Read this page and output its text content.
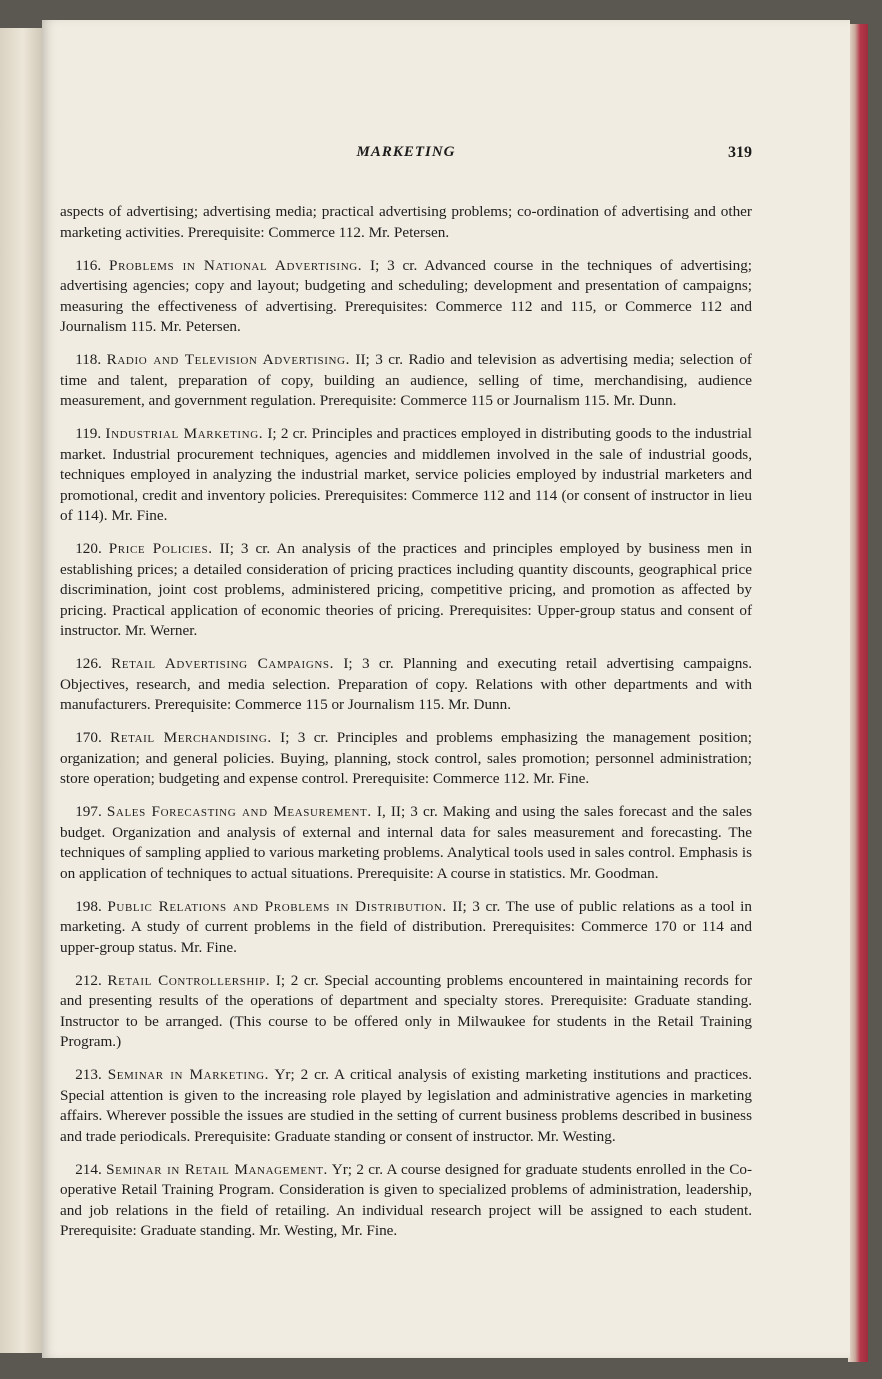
MARKETING	319

aspects of advertising; advertising media; practical advertising problems; co-ordination of advertising and other marketing activities. Prerequisite: Commerce 112. Mr. Petersen.

 116. Problems in National Advertising. I; 3 cr. Advanced course in the techniques of advertising; advertising agencies; copy and layout; budgeting and scheduling; development and presentation of campaigns; measuring the effectiveness of advertising. Prerequisites: Commerce 112 and 115, or Commerce 112 and Journalism 115. Mr. Petersen.

 118. Radio and Television Advertising. II; 3 cr. Radio and television as advertising media; selection of time and talent, preparation of copy, building an audience, selling of time, merchandising, audience measurement, and government regulation. Prerequisite: Commerce 115 or Journalism 115. Mr. Dunn.

 119. Industrial Marketing. I; 2 cr. Principles and practices employed in distributing goods to the industrial market. Industrial procurement techniques, agencies and middlemen involved in the sale of industrial goods, techniques employed in analyzing the industrial market, service policies employed by industrial marketers and promotional, credit and inventory policies. Prerequisites: Commerce 112 and 114 (or consent of instructor in lieu of 114). Mr. Fine.

 120. Price Policies. II; 3 cr. An analysis of the practices and principles employed by business men in establishing prices; a detailed consideration of pricing practices including quantity discounts, geographical price discrimination, joint cost problems, administered pricing, competitive pricing, and promotion as affected by pricing. Practical application of economic theories of pricing. Prerequisites: Upper-group status and consent of instructor. Mr. Werner.

 126. Retail Advertising Campaigns. I; 3 cr. Planning and executing retail advertising campaigns. Objectives, research, and media selection. Preparation of copy. Relations with other departments and with manufacturers. Prerequisite: Commerce 115 or Journalism 115. Mr. Dunn.

 170. Retail Merchandising. I; 3 cr. Principles and problems emphasizing the management position; organization; and general policies. Buying, planning, stock control, sales promotion; personnel administration; store operation; budgeting and expense control. Prerequisite: Commerce 112. Mr. Fine.

 197. Sales Forecasting and Measurement. I, II; 3 cr. Making and using the sales forecast and the sales budget. Organization and analysis of external and internal data for sales measurement and forecasting. The techniques of sampling applied to various marketing problems. Analytical tools used in sales control. Emphasis is on application of techniques to actual situations. Prerequisite: A course in statistics. Mr. Goodman.

 198. Public Relations and Problems in Distribution. II; 3 cr. The use of public relations as a tool in marketing. A study of current problems in the field of distribution. Prerequisites: Commerce 170 or 114 and upper-group status. Mr. Fine.

 212. Retail Controllership. I; 2 cr. Special accounting problems encountered in maintaining records for and presenting results of the operations of department and specialty stores. Prerequisite: Graduate standing. Instructor to be arranged. (This course to be offered only in Milwaukee for students in the Retail Training Program.)

 213. Seminar in Marketing. Yr; 2 cr. A critical analysis of existing marketing institutions and practices. Special attention is given to the increasing role played by legislation and administrative agencies in marketing affairs. Wherever possible the issues are studied in the setting of current business problems described in business and trade periodicals. Prerequisite: Graduate standing or consent of instructor. Mr. Westing.

 214. Seminar in Retail Management. Yr; 2 cr. A course designed for graduate students enrolled in the Co-operative Retail Training Program. Consideration is given to specialized problems of administration, leadership, and job relations in the field of retailing. An individual research project will be assigned to each student. Prerequisite: Graduate standing. Mr. Westing, Mr. Fine.
